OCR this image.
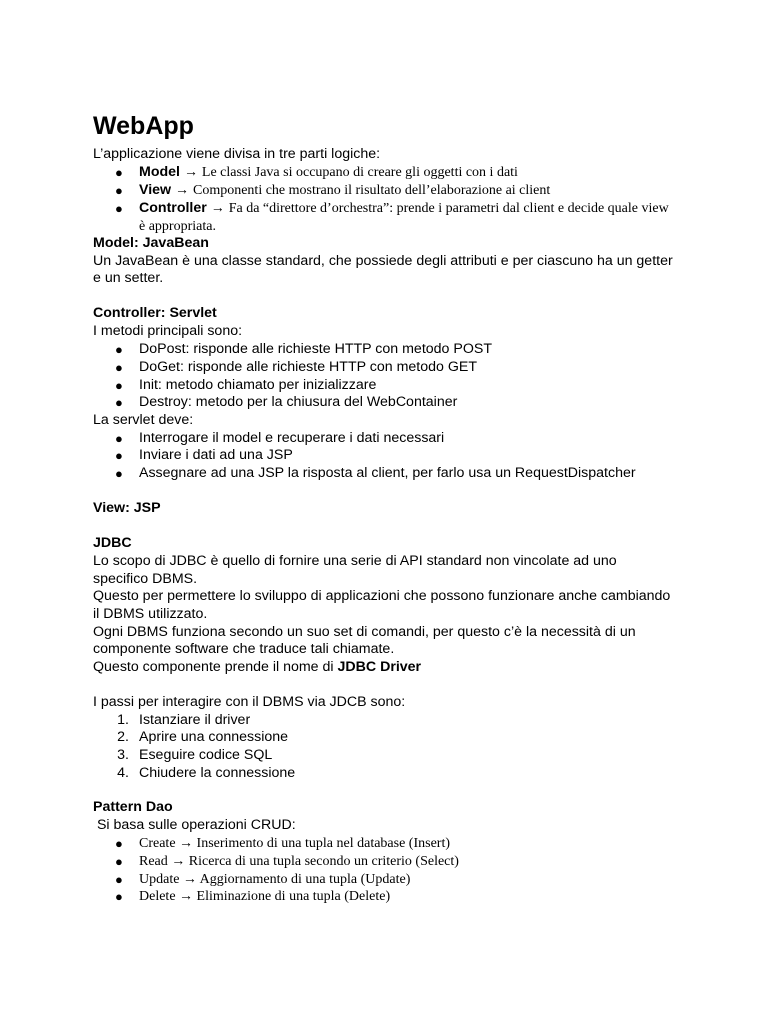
WebApp
L’applicazione viene divisa in tre parti logiche:
● Model → Le classi Java si occupano di creare gli oggetti con i dati
● View → Componenti che mostrano il risultato dell’elaborazione ai client
● Controller → Fa da “direttore d’orchestra”: prende i parametri dal client e decide quale view
è appropriata.
Model: JavaBean
Un JavaBean è una classe standard, che possiede degli attributi e per ciascuno ha un getter
e un setter.
Controller: Servlet
I metodi principali sono:
● DoPost: risponde alle richieste HTTP con metodo POST
● DoGet: risponde alle richieste HTTP con metodo GET
● Init: metodo chiamato per inizializzare
● Destroy: metodo per la chiusura del WebContainer
La servlet deve:
● Interrogare il model e recuperare i dati necessari
● Inviare i dati ad una JSP
● Assegnare ad una JSP la risposta al client, per farlo usa un RequestDispatcher
View: JSP
JDBC
Lo scopo di JDBC è quello di fornire una serie di API standard non vincolate ad uno
specifico DBMS.
Questo per permettere lo sviluppo di applicazioni che possono funzionare anche cambiando
il DBMS utilizzato.
Ogni DBMS funziona secondo un suo set di comandi, per questo c’è la necessità di un
componente software che traduce tali chiamate.
Questo componente prende il nome di JDBC Driver
I passi per interagire con il DBMS via JDCB sono:
1. Istanziare il driver
2. Aprire una connessione
3. Eseguire codice SQL
4. Chiudere la connessione
Pattern Dao
Si basa sulle operazioni CRUD:
● Create → Inserimento di una tupla nel database (Insert)
● Read → Ricerca di una tupla secondo un criterio (Select)
● Update → Aggiornamento di una tupla (Update)
● Delete → Eliminazione di una tupla (Delete)
